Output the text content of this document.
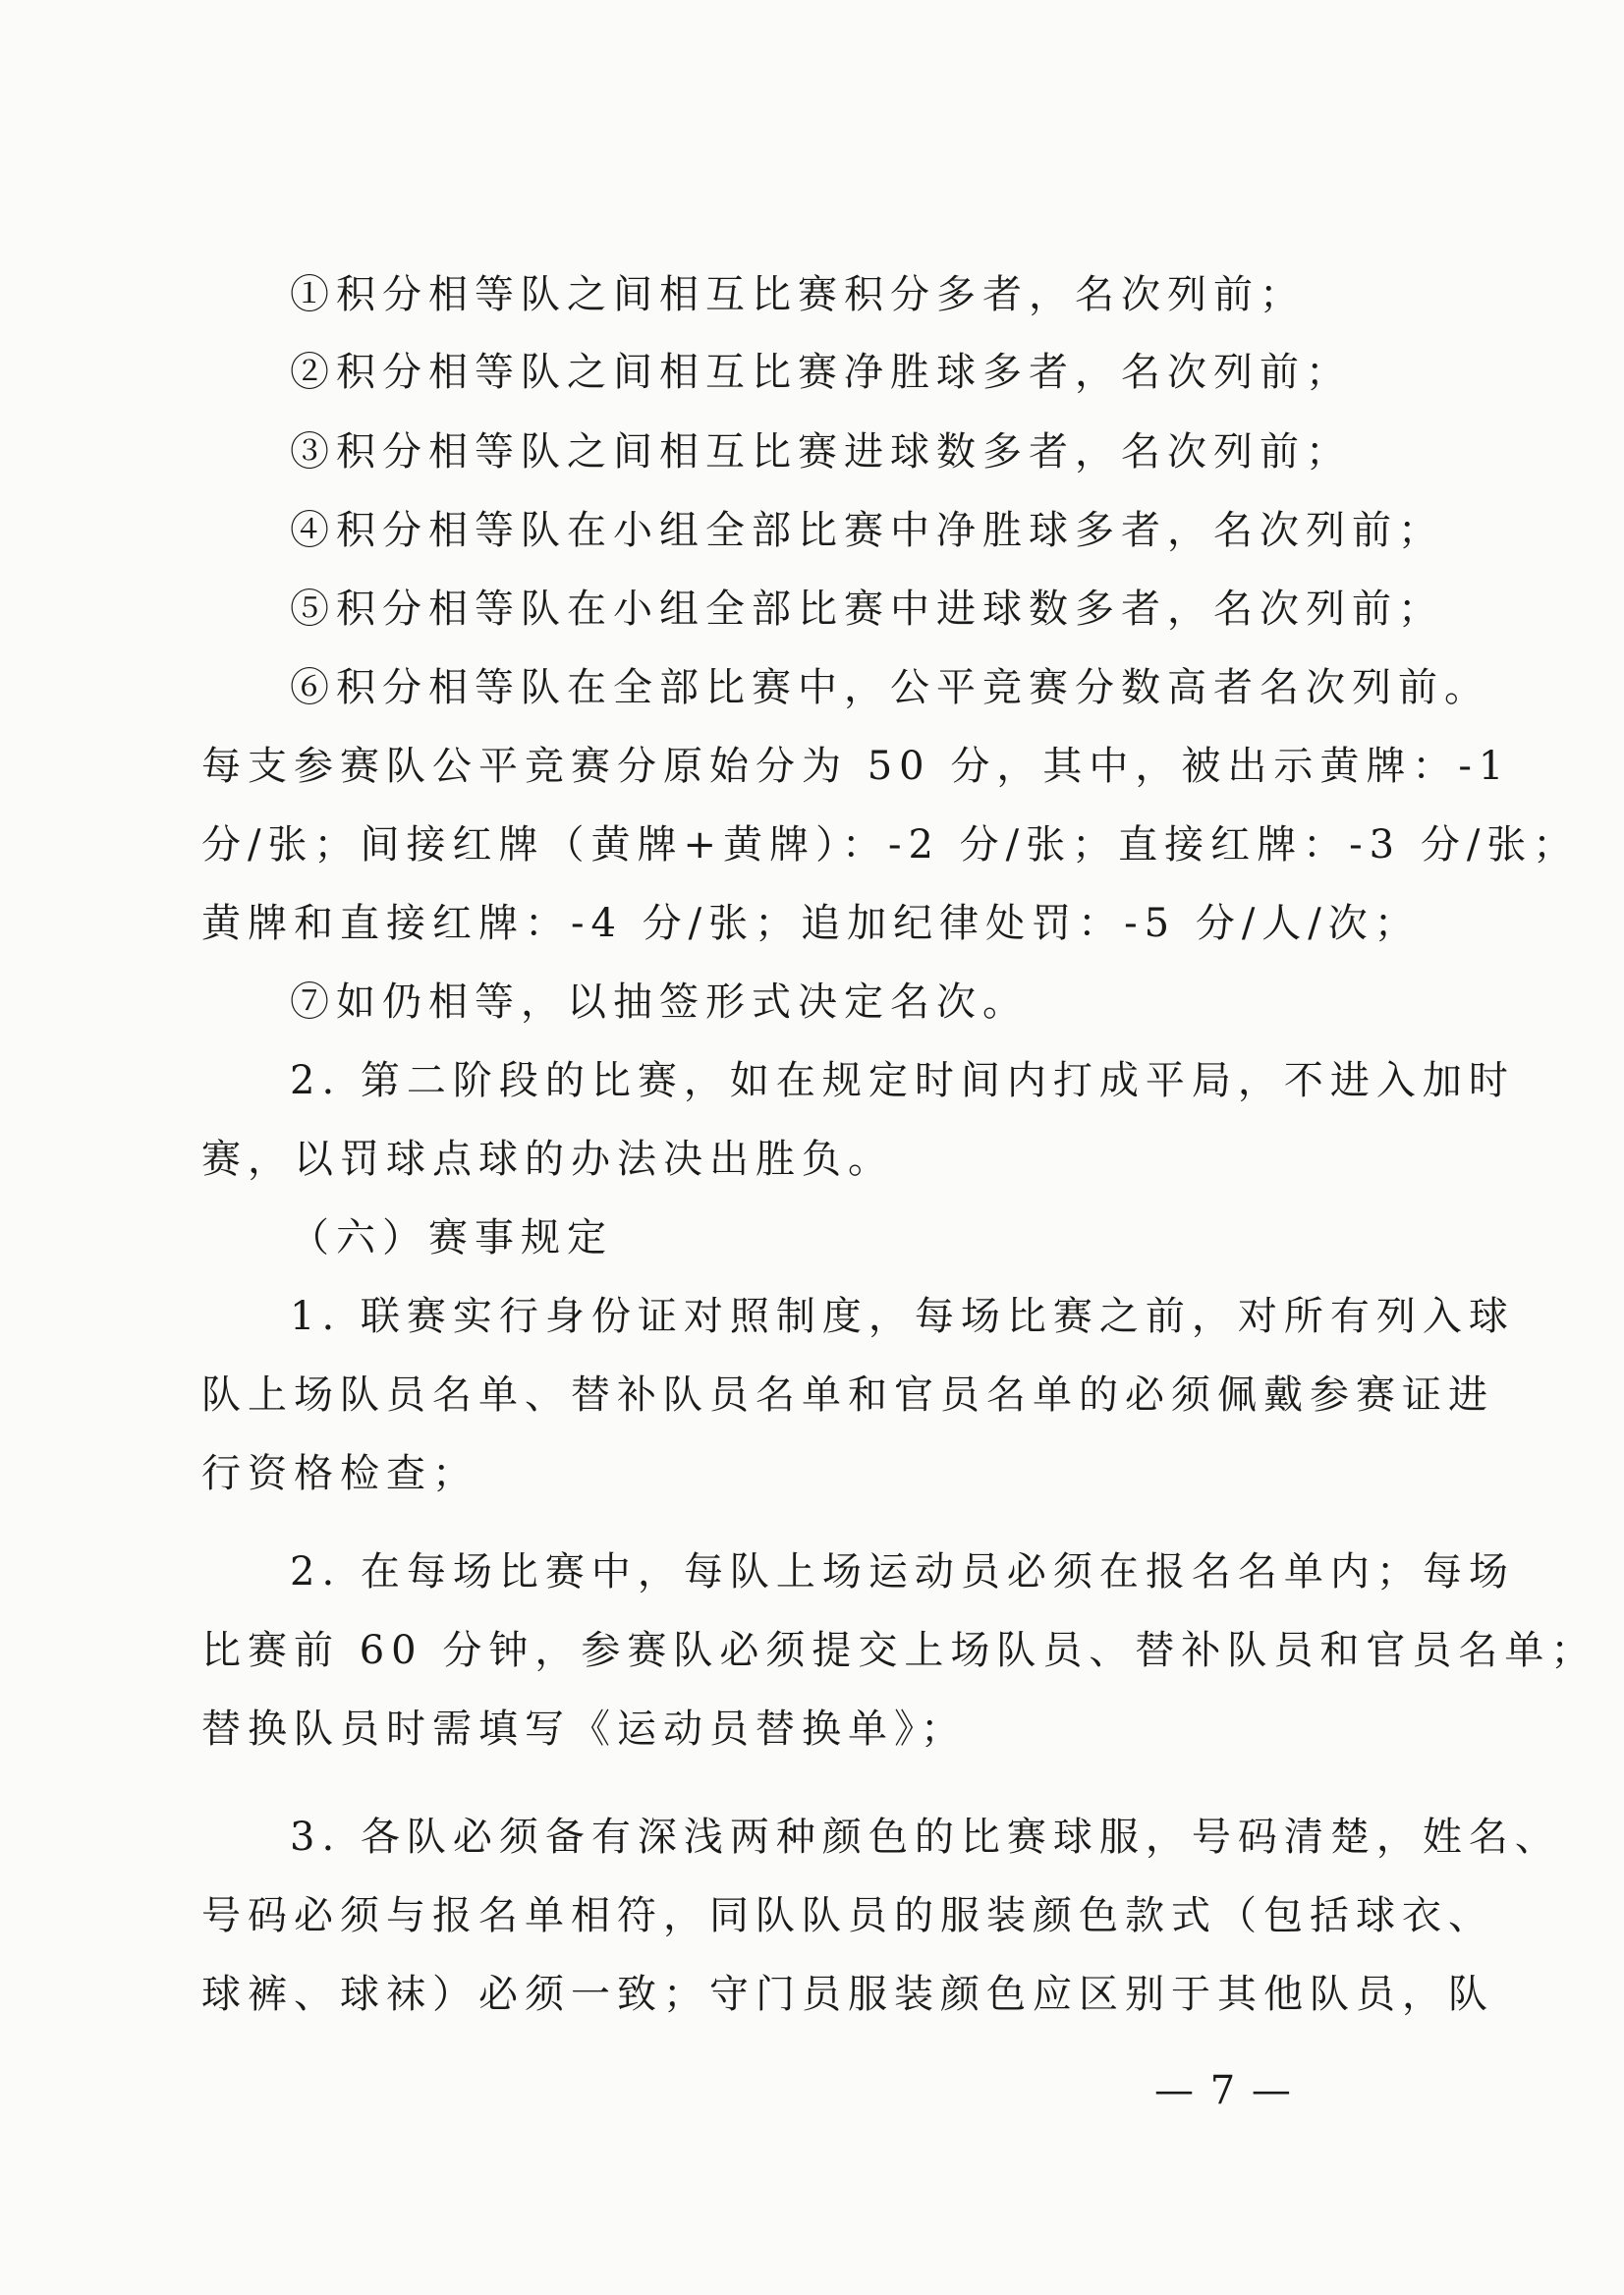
①积分相等队之间相互比赛积分多者，名次列前；
②积分相等队之间相互比赛净胜球多者，名次列前；
③积分相等队之间相互比赛进球数多者，名次列前；
④积分相等队在小组全部比赛中净胜球多者，名次列前；
⑤积分相等队在小组全部比赛中进球数多者，名次列前；
⑥积分相等队在全部比赛中，公平竞赛分数高者名次列前。
每支参赛队公平竞赛分原始分为 50 分，其中，被出示黄牌：-1
分/张；间接红牌（黄牌+黄牌）：-2 分/张；直接红牌：-3 分/张；
黄牌和直接红牌：-4 分/张；追加纪律处罚：-5 分/人/次；
⑦如仍相等，以抽签形式决定名次。
2. 第二阶段的比赛，如在规定时间内打成平局，不进入加时
赛，以罚球点球的办法决出胜负。
（六）赛事规定
1. 联赛实行身份证对照制度，每场比赛之前，对所有列入球
队上场队员名单、替补队员名单和官员名单的必须佩戴参赛证进
行资格检查；
2. 在每场比赛中，每队上场运动员必须在报名名单内；每场
比赛前 60 分钟，参赛队必须提交上场队员、替补队员和官员名单；
替换队员时需填写《运动员替换单》；
3. 各队必须备有深浅两种颜色的比赛球服，号码清楚，姓名、
号码必须与报名单相符，同队队员的服装颜色款式（包括球衣、
球裤、球袜）必须一致；守门员服装颜色应区别于其他队员，队
— 7 —
